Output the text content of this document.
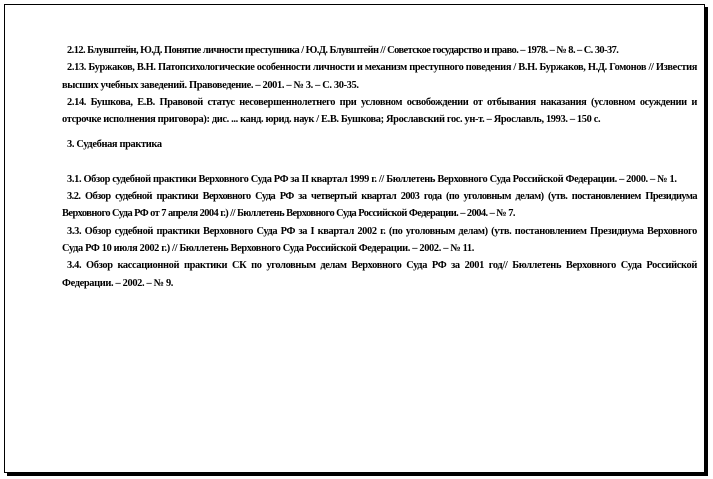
2.12. Блувштейн, Ю.Д. Понятие личности преступника / Ю.Д. Блувштейн // Советское государство и право. – 1978. – № 8. – С. 30-37.

2.13. Буржаков, В.Н. Патопсихологические особенности личности и механизм преступного поведения / В.Н. Буржаков, Н.Д. Гомонов // Известия высших учебных заведений. Правоведение. – 2001. – № 3. – С. 30-35.

2.14. Бушкова, Е.В. Правовой статус несовершеннолетнего при условном освобождении от отбывания наказания (условном осуждении и отсрочке исполнения приговора): дис. ... канд. юрид. наук / Е.В. Бушкова; Ярославский гос. ун-т. – Ярославль, 1993. – 150 с.

3. Судебная практика

3.1. Обзор судебной практики Верховного Суда РФ за II квартал 1999 г. // Бюллетень Верховного Суда Российской Федерации. – 2000. – № 1.

3.2. Обзор судебной практики Верховного Суда РФ за четвертый квартал 2003 года (по уголовным делам) (утв. постановлением Президиума Верховного Суда РФ от 7 апреля 2004 г.) // Бюллетень Верховного Суда Российской Федерации. – 2004. – № 7.

3.3. Обзор судебной практики Верховного Суда РФ за I квартал 2002 г. (по уголовным делам) (утв. постановлением Президиума Верховного Суда РФ 10 июля 2002 г.) // Бюллетень Верховного Суда Российской Федерации. – 2002. – № 11.

3.4. Обзор кассационной практики СК по уголовным делам Верховного Суда РФ за 2001 год// Бюллетень Верховного Суда Российской Федерации. – 2002. – № 9.
